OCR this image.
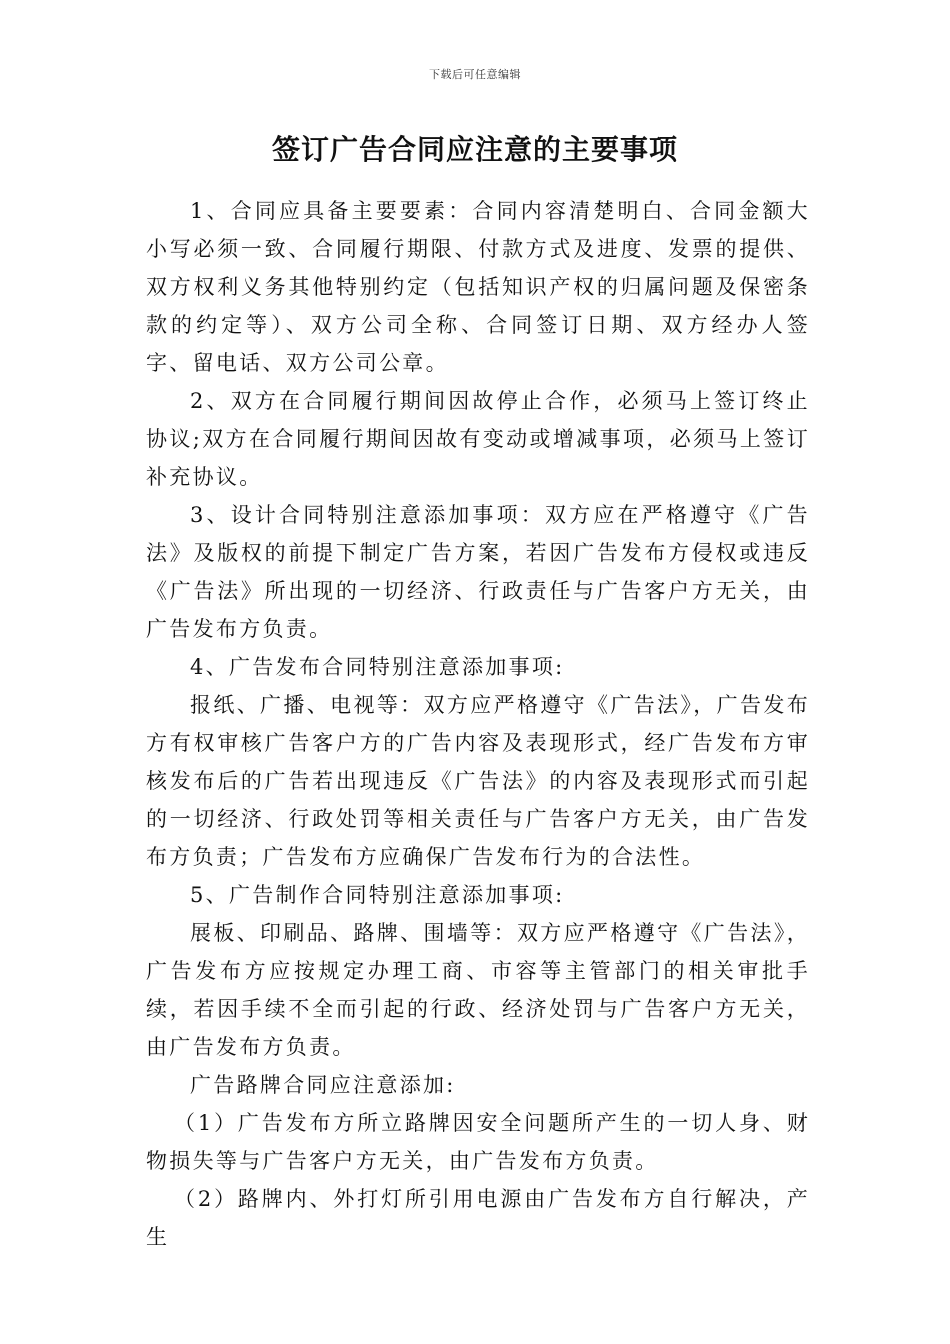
下载后可任意编辑
签订广告合同应注意的主要事项

1、合同应具备主要要素：合同内容清楚明白、合同金额大小写必须一致、合同履行期限、付款方式及进度、发票的提供、双方权利义务其他特别约定（包括知识产权的归属问题及保密条款的约定等）、双方公司全称、合同签订日期、双方经办人签字、留电话、双方公司公章。

2、双方在合同履行期间因故停止合作，必须马上签订终止协议;双方在合同履行期间因故有变动或增减事项，必须马上签订补充协议。

3、设计合同特别注意添加事项：双方应在严格遵守《广告法》及版权的前提下制定广告方案，若因广告发布方侵权或违反《广告法》所出现的一切经济、行政责任与广告客户方无关，由广告发布方负责。

4、广告发布合同特别注意添加事项:

报纸、广播、电视等：双方应严格遵守《广告法》，广告发布方有权审核广告客户方的广告内容及表现形式，经广告发布方审核发布后的广告若出现违反《广告法》的内容及表现形式而引起的一切经济、行政处罚等相关责任与广告客户方无关，由广告发布方负责；广告发布方应确保广告发布行为的合法性。

5、广告制作合同特别注意添加事项:

展板、印刷品、路牌、围墙等：双方应严格遵守《广告法》，广告发布方应按规定办理工商、市容等主管部门的相关审批手续，若因手续不全而引起的行政、经济处罚与广告客户方无关，由广告发布方负责。

广告路牌合同应注意添加:

（1）广告发布方所立路牌因安全问题所产生的一切人身、财物损失等与广告客户方无关，由广告发布方负责。

（2）路牌内、外打灯所引用电源由广告发布方自行解决，产生
